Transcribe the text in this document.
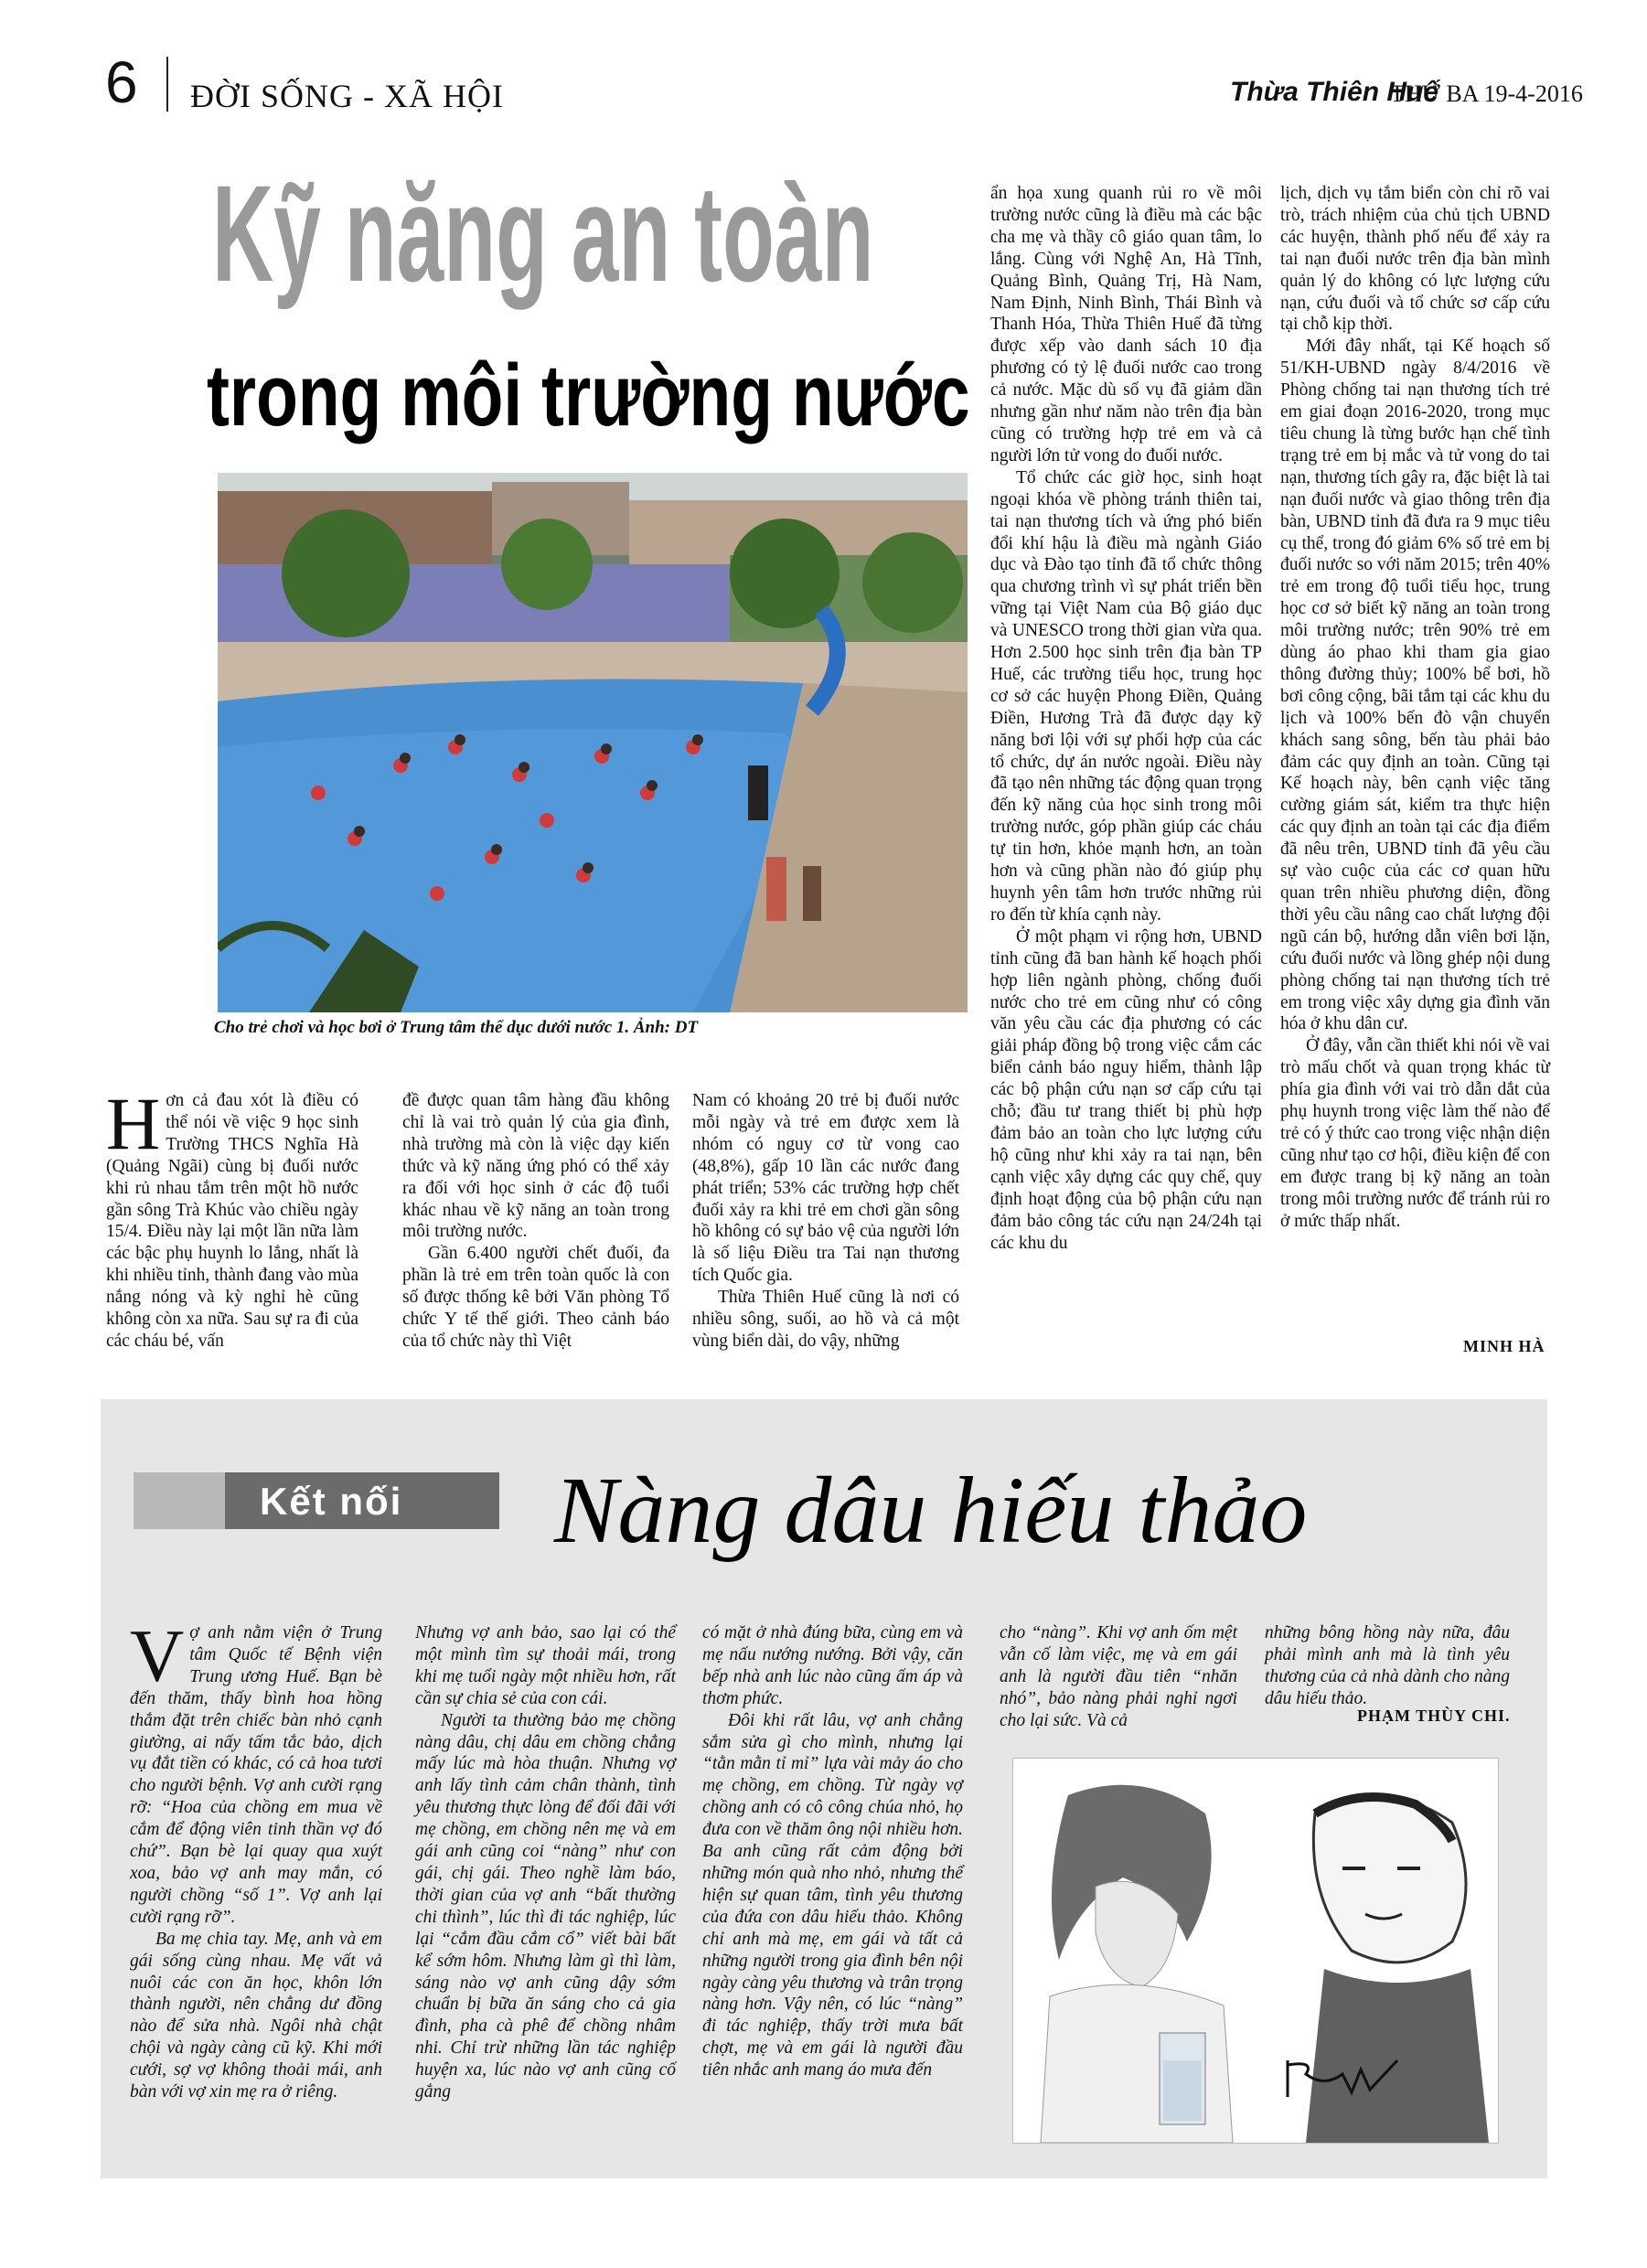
6 ĐỜI SỐNG - XÃ HỘI	Thừa Thiên Huế
THỨ BA 19-4-2016
Kỹ năng an toàn
trong môi trường nước
Cho trẻ chơi và học bơi ở Trung tâm thể dục dưới nước 1. Ảnh: DT

Hơn cả đau xót là điều có thể nói về việc 9 học sinh Trường THCS Nghĩa Hà (Quảng Ngãi) cùng bị đuối nước khi rủ nhau tắm trên một hồ nước gần sông Trà Khúc vào chiều ngày 15/4. Điều này lại một lần nữa làm các bậc phụ huynh lo lắng, nhất là khi nhiều tỉnh, thành đang vào mùa nắng nóng và kỳ nghỉ hè cũng không còn xa nữa. Sau sự ra đi của các cháu bé, vấn

đề được quan tâm hàng đầu không chỉ là vai trò quản lý của gia đình, nhà trường mà còn là việc dạy kiến thức và kỹ năng ứng phó có thể xảy ra đối với học sinh ở các độ tuổi khác nhau về kỹ năng an toàn trong môi trường nước.

Gần 6.400 người chết đuối, đa phần là trẻ em trên toàn quốc là con số được thống kê bởi Văn phòng Tổ chức Y tế thế giới. Theo cảnh báo của tổ chức này thì Việt

Nam có khoảng 20 trẻ bị đuối nước mỗi ngày và trẻ em được xem là nhóm có nguy cơ từ vong cao (48,8%), gấp 10 lần các nước đang phát triển; 53% các trường hợp chết đuối xảy ra khi trẻ em chơi gần sông hồ không có sự bảo vệ của người lớn là số liệu Điều tra Tai nạn thương tích Quốc gia.

Thừa Thiên Huế cũng là nơi có nhiều sông, suối, ao hồ và cả một vùng biển dài, do vậy, những

ẩn họa xung quanh rủi ro về môi trường nước cũng là điều mà các bậc cha mẹ và thầy cô giáo quan tâm, lo lắng. Cùng với Nghệ An, Hà Tĩnh, Quảng Bình, Quảng Trị, Hà Nam, Nam Định, Ninh Bình, Thái Bình và Thanh Hóa, Thừa Thiên Huế đã từng được xếp vào danh sách 10 địa phương có tỷ lệ đuối nước cao trong cả nước. Mặc dù số vụ đã giảm dần nhưng gần như năm nào trên địa bàn cũng có trường hợp trẻ em và cả người lớn tử vong do đuối nước.

Tổ chức các giờ học, sinh hoạt ngoại khóa về phòng tránh thiên tai, tai nạn thương tích và ứng phó biến đổi khí hậu là điều mà ngành Giáo dục và Đào tạo tỉnh đã tổ chức thông qua chương trình vì sự phát triển bền vững tại Việt Nam của Bộ giáo dục và UNESCO trong thời gian vừa qua. Hơn 2.500 học sinh trên địa bàn TP Huế, các trường tiểu học, trung học cơ sở các huyện Phong Điền, Quảng Điền, Hương Trà đã được dạy kỹ năng bơi lội với sự phối hợp của các tổ chức, dự án nước ngoài. Điều này đã tạo nên những tác động quan trọng đến kỹ năng của học sinh trong môi trường nước, góp phần giúp các cháu tự tin hơn, khỏe mạnh hơn, an toàn hơn và cũng phần nào đó giúp phụ huynh yên tâm hơn trước những rủi ro đến từ khía cạnh này.

Ở một phạm vi rộng hơn, UBND tỉnh cũng đã ban hành kế hoạch phối hợp liên ngành phòng, chống đuối nước cho trẻ em cũng như có công văn yêu cầu các địa phương có các giải pháp đồng bộ trong việc cắm các biển cảnh báo nguy hiểm, thành lập các bộ phận cứu nạn sơ cấp cứu tại chỗ; đầu tư trang thiết bị phù hợp đảm bảo an toàn cho lực lượng cứu hộ cũng như khi xảy ra tai nạn, bên cạnh việc xây dựng các quy chế, quy định hoạt động của bộ phận cứu nạn đảm bảo công tác cứu nạn 24/24h tại các khu du

lịch, dịch vụ tắm biển còn chỉ rõ vai trò, trách nhiệm của chủ tịch UBND các huyện, thành phố nếu để xảy ra tai nạn đuối nước trên địa bàn mình quản lý do không có lực lượng cứu nạn, cứu đuối và tổ chức sơ cấp cứu tại chỗ kịp thời.

Mới đây nhất, tại Kế hoạch số 51/KH-UBND ngày 8/4/2016 về Phòng chống tai nạn thương tích trẻ em giai đoạn 2016-2020, trong mục tiêu chung là từng bước hạn chế tình trạng trẻ em bị mắc và tử vong do tai nạn, thương tích gây ra, đặc biệt là tai nạn đuối nước và giao thông trên địa bàn, UBND tỉnh đã đưa ra 9 mục tiêu cụ thể, trong đó giảm 6% số trẻ em bị đuối nước so với năm 2015; trên 40% trẻ em trong độ tuổi tiểu học, trung học cơ sở biết kỹ năng an toàn trong môi trường nước; trên 90% trẻ em dùng áo phao khi tham gia giao thông đường thủy; 100% bể bơi, hồ bơi công cộng, bãi tắm tại các khu du lịch và 100% bến đò vận chuyển khách sang sông, bến tàu phải bảo đảm các quy định an toàn. Cũng tại Kế hoạch này, bên cạnh việc tăng cường giám sát, kiểm tra thực hiện các quy định an toàn tại các địa điểm đã nêu trên, UBND tỉnh đã yêu cầu sự vào cuộc của các cơ quan hữu quan trên nhiều phương diện, đồng thời yêu cầu nâng cao chất lượng đội ngũ cán bộ, hướng dẫn viên bơi lặn, cứu đuối nước và lồng ghép nội dung phòng chống tai nạn thương tích trẻ em trong việc xây dựng gia đình văn hóa ở khu dân cư.

Ở đây, vẫn cần thiết khi nói về vai trò mấu chốt và quan trọng khác từ phía gia đình với vai trò dẫn dắt của phụ huynh trong việc làm thế nào để trẻ có ý thức cao trong việc nhận diện cũng như tạo cơ hội, điều kiện để con em được trang bị kỹ năng an toàn trong môi trường nước để tránh rủi ro ở mức thấp nhất.

MINH HÀ
Kết nối Nàng dâu hiếu thảo

Vợ anh nằm viện ở Trung tâm Quốc tế Bệnh viện Trung ương Huế. Bạn bè đến thăm, thấy bình hoa hồng thắm đặt trên chiếc bàn nhỏ cạnh giường, ai nấy tấm tắc bảo, dịch vụ đắt tiền có khác, có cả hoa tươi cho người bệnh. Vợ anh cười rạng rỡ: “Hoa của chồng em mua về cắm để động viên tinh thần vợ đó chứ”. Bạn bè lại quay qua xuýt xoa, bảo vợ anh may mắn, có người chồng “số 1”. Vợ anh lại cười rạng rỡ”.

Ba mẹ chia tay. Mẹ, anh và em gái sống cùng nhau. Mẹ vất vả nuôi các con ăn học, khôn lớn thành người, nên chẳng dư đồng nào để sửa nhà. Ngôi nhà chật chội và ngày càng cũ kỹ. Khi mới cưới, sợ vợ không thoải mái, anh bàn với vợ xin mẹ ra ở riêng.

Nhưng vợ anh bảo, sao lại có thể một mình tìm sự thoải mái, trong khi mẹ tuổi ngày một nhiều hơn, rất cần sự chia sẻ của con cái.

Người ta thường bảo mẹ chồng nàng dâu, chị dâu em chồng chẳng mấy lúc mà hòa thuận. Nhưng vợ anh lấy tình cảm chân thành, tình yêu thương thực lòng để đối đãi với mẹ chồng, em chồng nên mẹ và em gái anh cũng coi “nàng” như con gái, chị gái. Theo nghề làm báo, thời gian của vợ anh “bất thường chi thình”, lúc thì đi tác nghiệp, lúc lại “cắm đầu cắm cổ” viết bài bất kể sớm hôm. Nhưng làm gì thì làm, sáng nào vợ anh cũng dậy sớm chuẩn bị bữa ăn sáng cho cả gia đình, pha cà phê để chồng nhâm nhi. Chỉ trừ những lần tác nghiệp huyện xa, lúc nào vợ anh cũng cố gắng

có mặt ở nhà đúng bữa, cùng em và mẹ nấu nướng nướng. Bởi vậy, căn bếp nhà anh lúc nào cũng ấm áp và thơm phức.

Đôi khi rất lâu, vợ anh chẳng sắm sửa gì cho mình, nhưng lại “tằn mằn tỉ mỉ” lựa vài mảy áo cho mẹ chồng, em chồng. Từ ngày vợ chồng anh có cô công chúa nhỏ, họ đưa con về thăm ông nội nhiều hơn. Ba anh cũng rất cảm động bởi những món quà nho nhỏ, nhưng thể hiện sự quan tâm, tình yêu thương của đứa con dâu hiếu thảo. Không chỉ anh mà mẹ, em gái và tất cả những người trong gia đình bên nội ngày càng yêu thương và trân trọng nàng hơn. Vậy nên, có lúc “nàng” đi tác nghiệp, thấy trời mưa bất chợt, mẹ và em gái là người đầu tiên nhắc anh mang áo mưa đến

cho “nàng”. Khi vợ anh ốm mệt vẫn cố làm việc, mẹ và em gái anh là người đầu tiên “nhăn nhó”, bảo nàng phải nghỉ ngơi cho lại sức. Và cả

những bông hồng này nữa, đâu phải mình anh mà là tình yêu thương của cả nhà dành cho nàng dâu hiếu thảo.

PHẠM THÙY CHI.
